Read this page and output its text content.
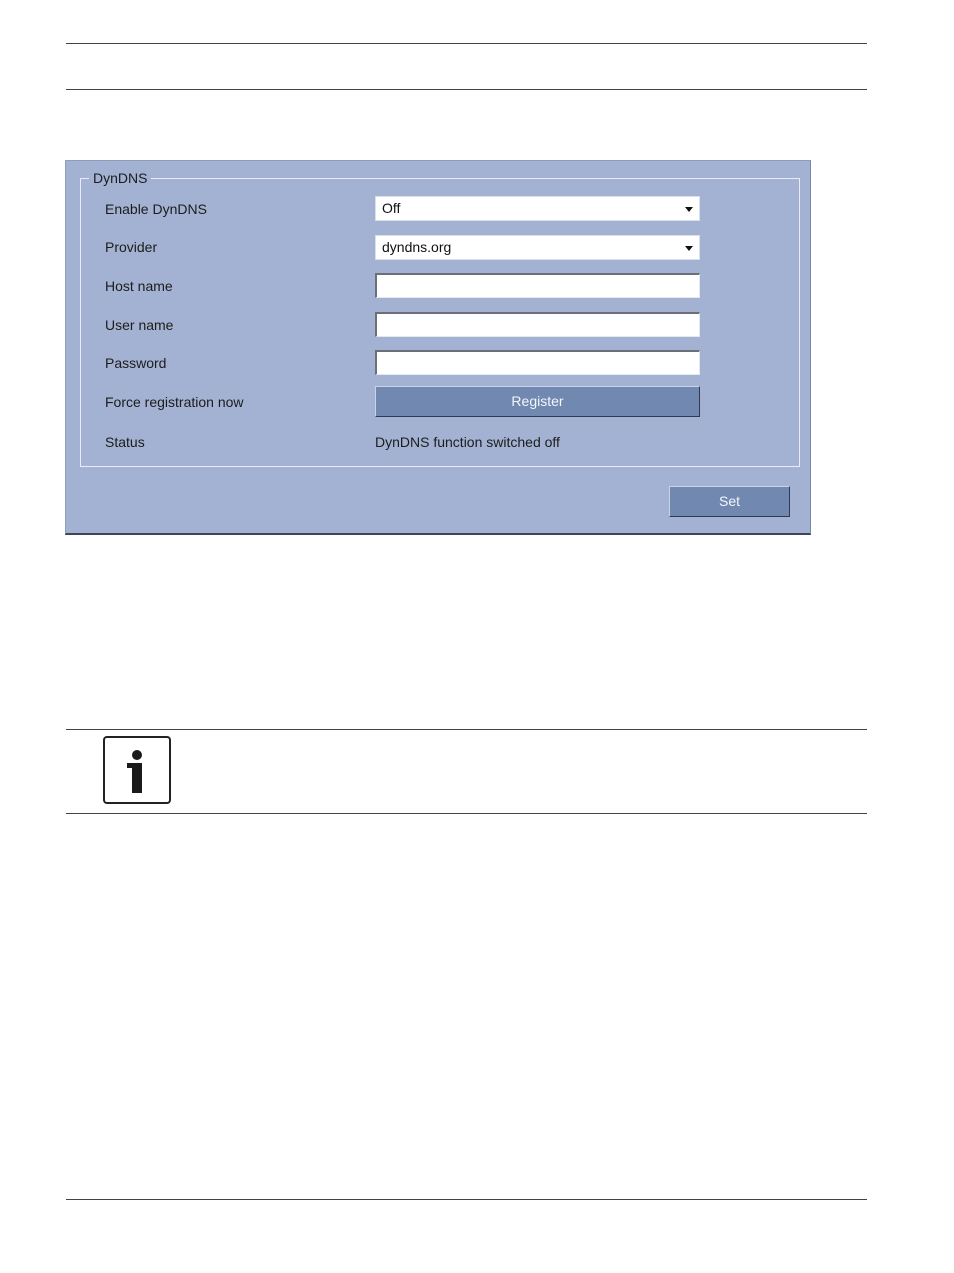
DynDNS
Enable DynDNS	Off
Provider	dyndns.org
Host name
User name
Password
Force registration now	Register
Status	DynDNS function switched off
Set
